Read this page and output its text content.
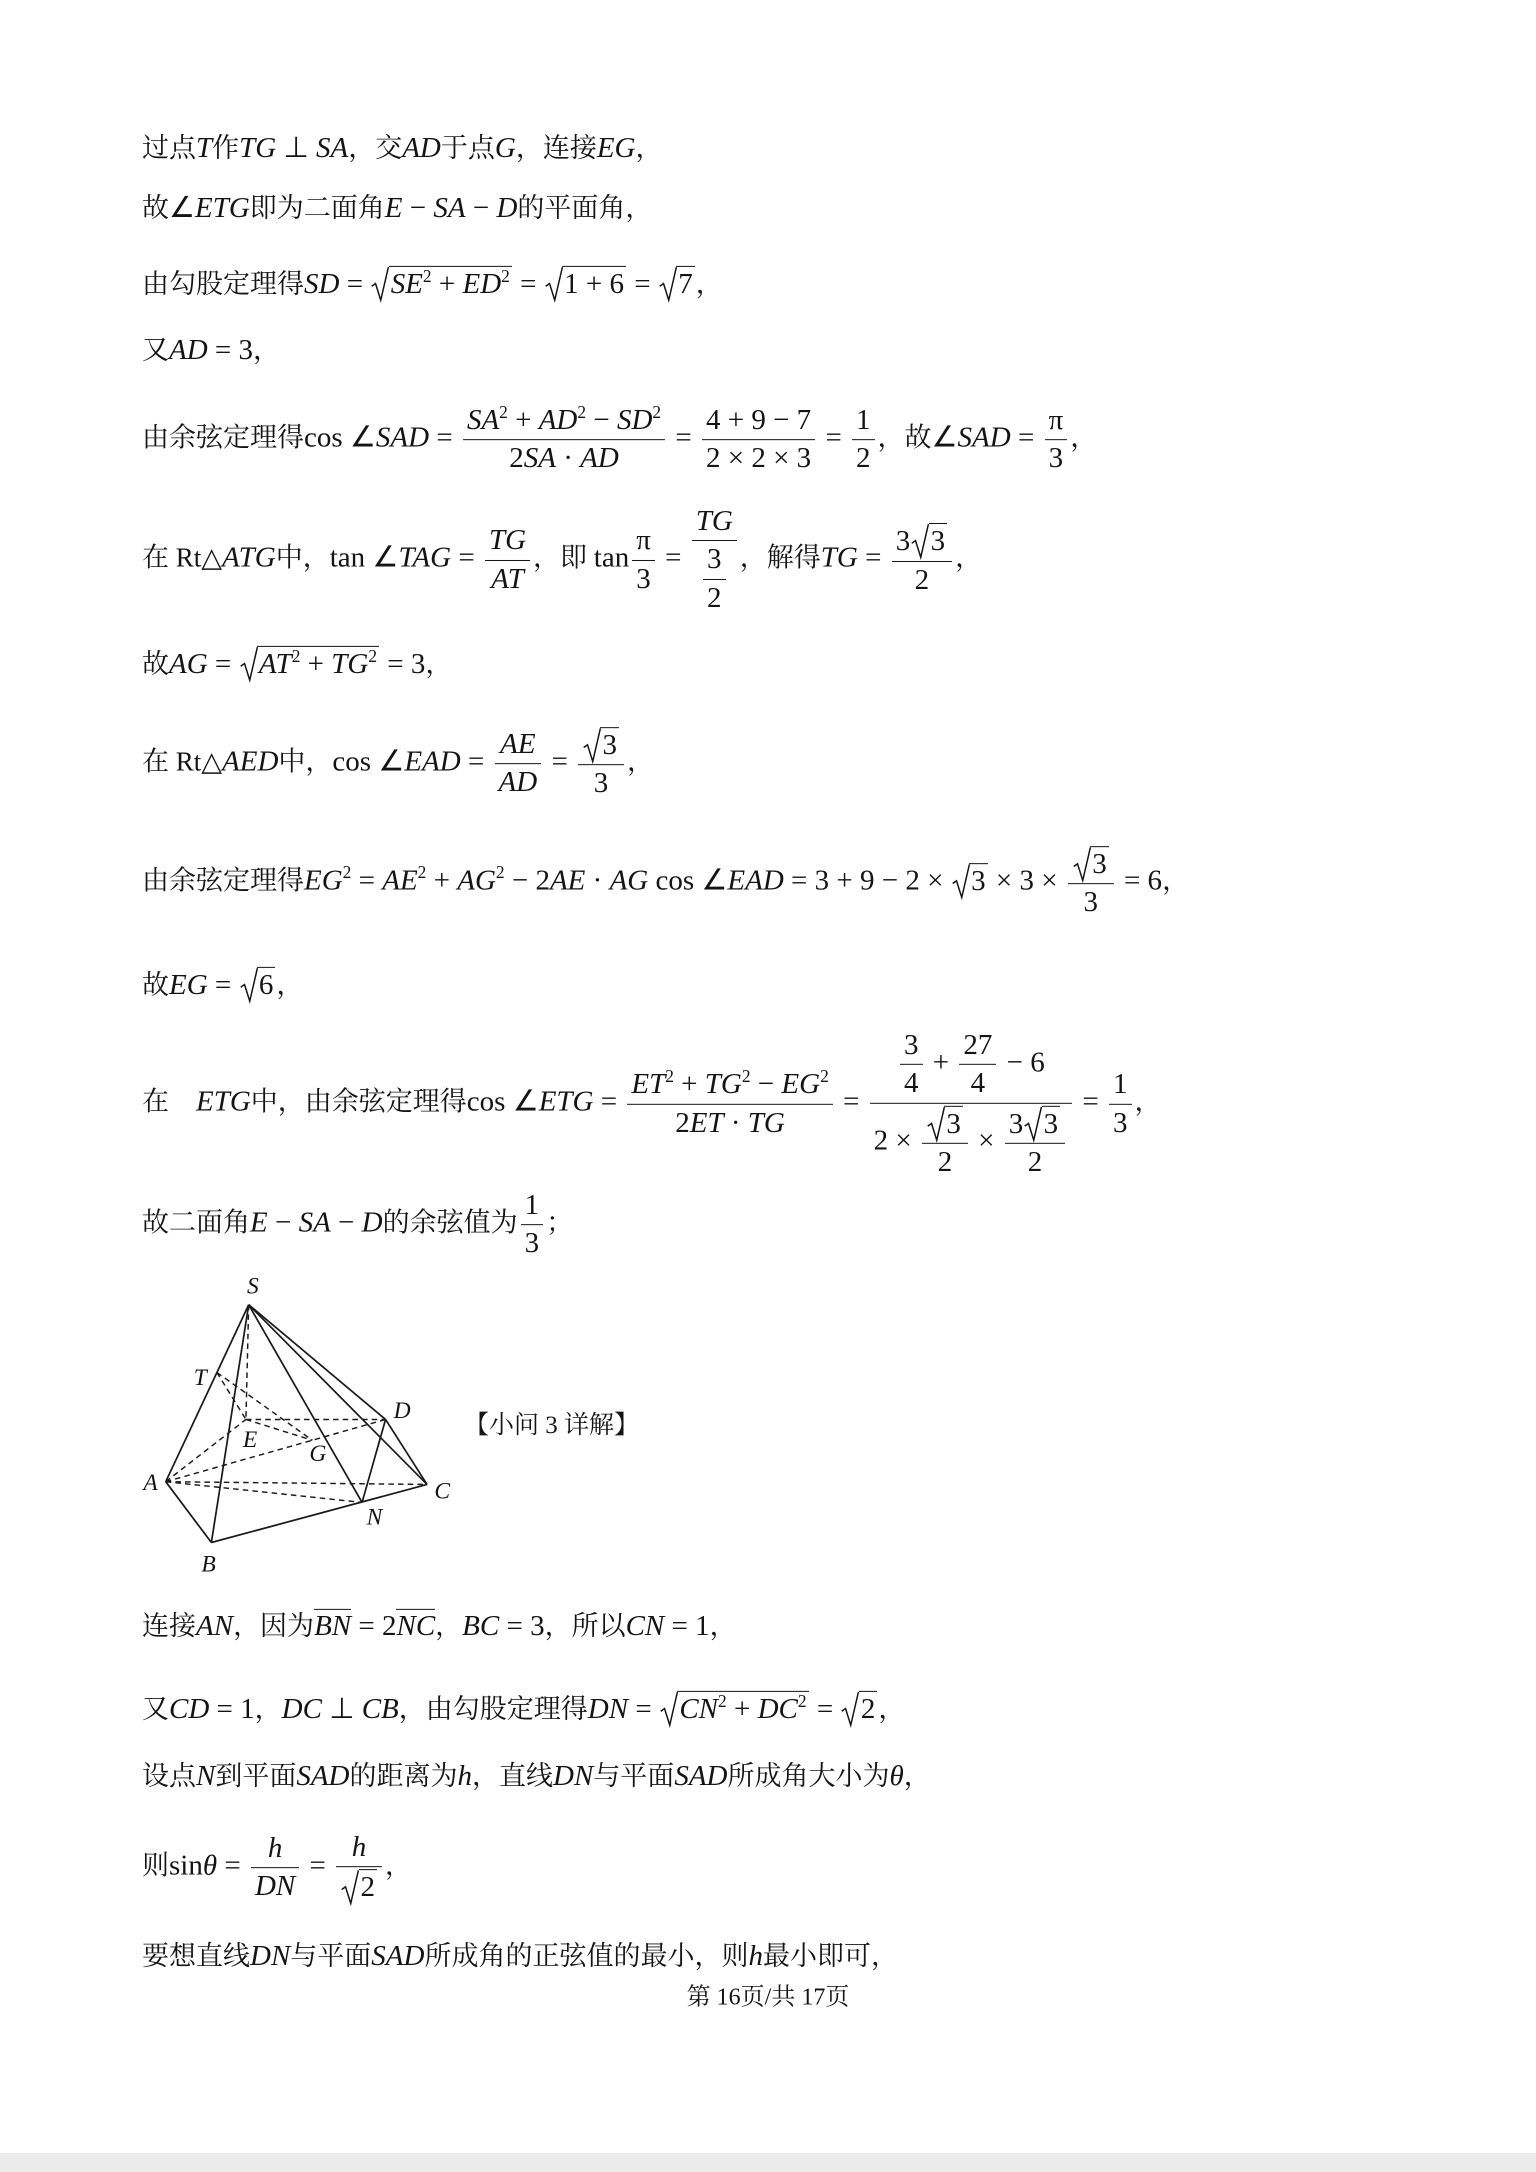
过点T作TG ⊥ SA，交AD于点G，连接EG，
故∠ETG即为二面角E − SA − D的平面角，
由勾股定理得SD =
$SE^2 + ED^2$ =
1 + 6 =
7 ，
又AD = 3，
由余弦定理得cos ∠SAD = $\frac{SA^2 + AD^2 - SD^2}{2SA \cdot AD} = \frac{4 + 9 - 7}{2 \times 2 \times 3} = \frac{1}{2}$ ，故∠SAD = $\frac{\pi}{3}$ ，
在 Rt△ATG中，tan ∠TAG = $\frac{TG}{AT}$ ，即 $\tan \frac{\pi}{3} = \frac{TG}{\frac{3}{2}}$ ，解得TG = $\frac{3 3}{2}$ ，
故AG =
$AT^2 + TG^2 = 3$，
在 Rt△AED中，cos ∠EAD = $\frac{AE}{AD} = \frac{3}{3}$ ，
由余弦定理得$EG^2 = AE^2 + AG^2 - 2AE$ · AG cos ∠EAD = 3 + 9 − 2 ×
$3 \times 3 \times \frac{3}{3} = 6$，
故EG =
6 ，
在　ETG中，由余弦定理得cos ∠ETG = $\frac{ET^2 + TG^2 - EG^2}{2ET \cdot TG} = \frac{\frac{3}{4} + \frac{27}{4} - 6}{2 \times \frac{3}{2} \times \frac{3 3}{2}} = \frac{1}{3}$ ，
故二面角E − SA − D的余弦值为 $\frac{1}{3}$ ；
S
T
D
E
G
A	C
N
B
【小问 3 详解】
连接AN，因为BN = 2NC，BC = 3，所以CN = 1，
又CD = 1，DC ⊥ CB，由勾股定理得DN =
$CN^2 + DC^2$ =
2 ，
设点N到平面SAD的距离为h，直线DN与平面SAD所成角大小为θ，
则$\sin\theta = \frac{h}{DN} = \frac{h}{2}$ ，
要想直线DN与平面SAD所成角的正弦值的最小，则h最小即可，
第 16页/共 17页
